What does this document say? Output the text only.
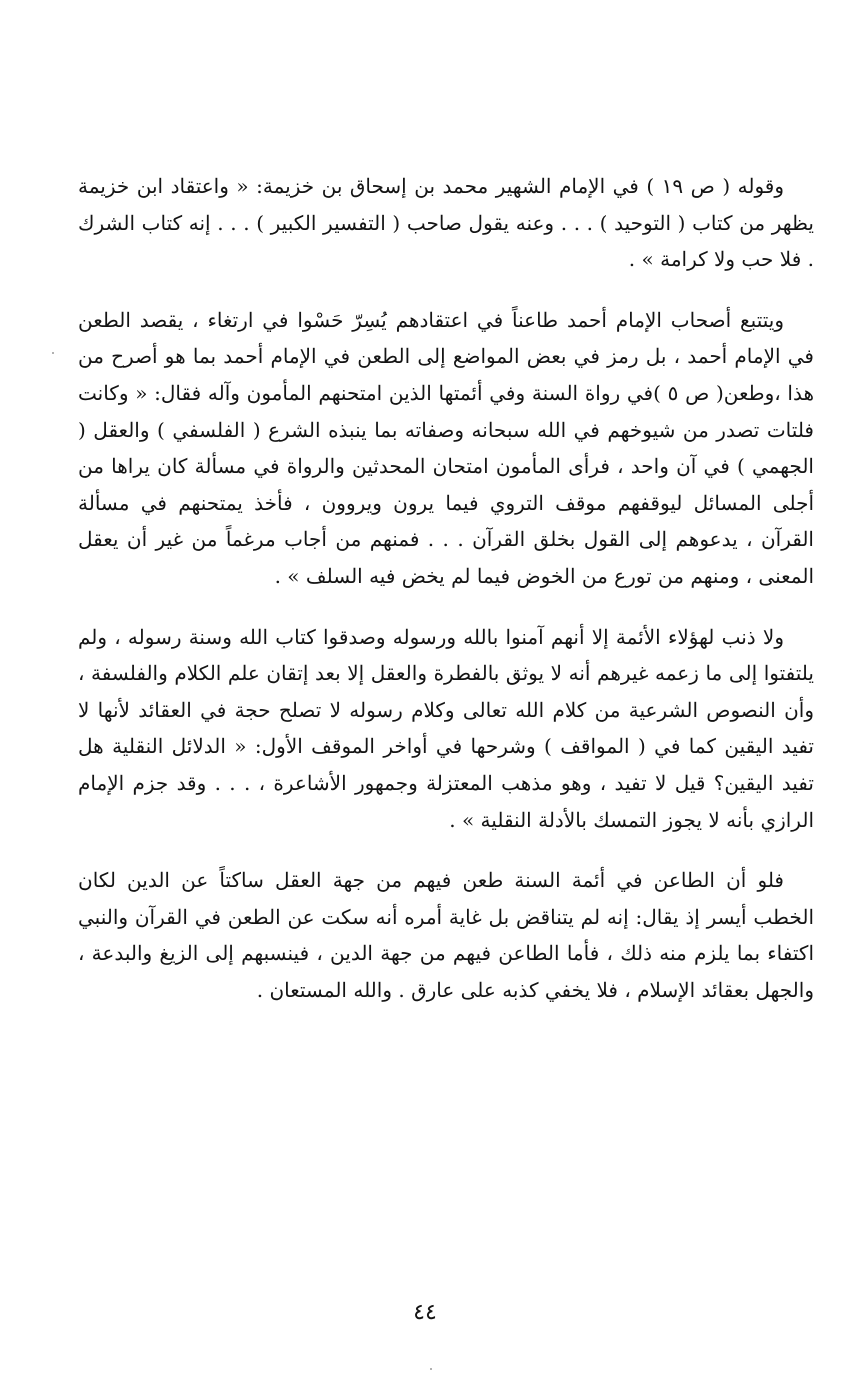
وقوله ( ص ١٩ ) في الإمام الشهير محمد بن إسحاق بن خزيمة: « واعتقاد ابن خزيمة يظهر من كتاب ( التوحيد ) . . . وعنه يقول صاحب ( التفسير الكبير ) . . . إنه كتاب الشرك . فلا حب ولا كرامة » .

ويتتبع أصحاب الإمام أحمد طاعناً في اعتقادهم يُسِرّ حَسْوا في ارتغاء ، يقصد الطعن في الإمام أحمد ، بل رمز في بعض المواضع إلى الطعن في الإمام أحمد بما هو أصرح من هذا ،وطعن( ص ٥ )في رواة السنة وفي أئمتها الذين امتحنهم المأمون وآله فقال: « وكانت فلتات تصدر من شيوخهم في الله سبحانه وصفاته بما ينبذه الشرع ( الفلسفي ) والعقل ( الجهمي ) في آن واحد ، فرأى المأمون امتحان المحدثين والرواة في مسألة كان يراها من أجلى المسائل ليوقفهم موقف التروي فيما يرون ويروون ، فأخذ يمتحنهم في مسألة القرآن ، يدعوهم إلى القول بخلق القرآن . . . فمنهم من أجاب مرغماً من غير أن يعقل المعنى ، ومنهم من تورع من الخوض فيما لم يخض فيه السلف » .

ولا ذنب لهؤلاء الأئمة إلا أنهم آمنوا بالله ورسوله وصدقوا كتاب الله وسنة رسوله ، ولم يلتفتوا إلى ما زعمه غيرهم أنه لا يوثق بالفطرة والعقل إلا بعد إتقان علم الكلام والفلسفة ، وأن النصوص الشرعية من كلام الله تعالى وكلام رسوله لا تصلح حجة في العقائد لأنها لا تفيد اليقين كما في ( المواقف ) وشرحها في أواخر الموقف الأول: « الدلائل النقلية هل تفيد اليقين؟ قيل لا تفيد ، وهو مذهب المعتزلة وجمهور الأشاعرة ، . . . وقد جزم الإمام الرازي بأنه لا يجوز التمسك بالأدلة النقلية » .

فلو أن الطاعن في أئمة السنة طعن فيهم من جهة العقل ساكتاً عن الدين لكان الخطب أيسر إذ يقال: إنه لم يتناقض بل غاية أمره أنه سكت عن الطعن في القرآن والنبي اكتفاء بما يلزم منه ذلك ، فأما الطاعن فيهم من جهة الدين ، فينسبهم إلى الزيغ والبدعة ، والجهل بعقائد الإسلام ، فلا يخفي كذبه على عارق . والله المستعان .

٤٤
